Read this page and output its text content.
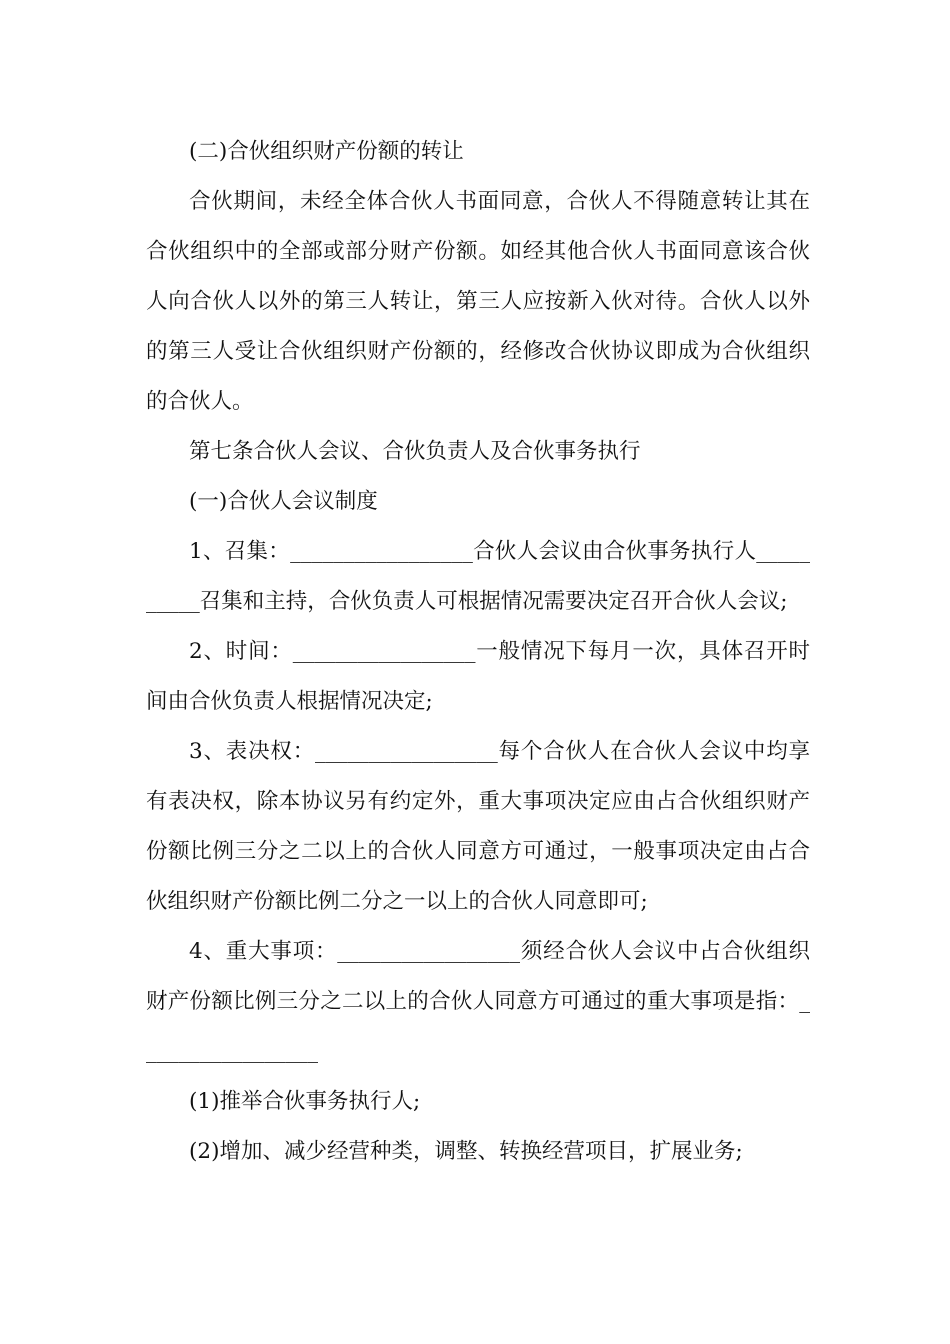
(二)合伙组织财产份额的转让

合伙期间，未经全体合伙人书面同意，合伙人不得随意转让其在合伙组织中的全部或部分财产份额。如经其他合伙人书面同意该合伙人向合伙人以外的第三人转让，第三人应按新入伙对待。合伙人以外的第三人受让合伙组织财产份额的，经修改合伙协议即成为合伙组织的合伙人。

第七条合伙人会议、合伙负责人及合伙事务执行

(一)合伙人会议制度

1、召集：_________________合伙人会议由合伙事务执行人__________召集和主持，合伙负责人可根据情况需要决定召开合伙人会议;

2、时间：_________________一般情况下每月一次，具体召开时间由合伙负责人根据情况决定;

3、表决权：_________________每个合伙人在合伙人会议中均享有表决权，除本协议另有约定外，重大事项决定应由占合伙组织财产份额比例三分之二以上的合伙人同意方可通过，一般事项决定由占合伙组织财产份额比例二分之一以上的合伙人同意即可;

4、重大事项：_________________须经合伙人会议中占合伙组织财产份额比例三分之二以上的合伙人同意方可通过的重大事项是指：_________________

(1)推举合伙事务执行人;

(2)增加、减少经营种类，调整、转换经营项目，扩展业务;
